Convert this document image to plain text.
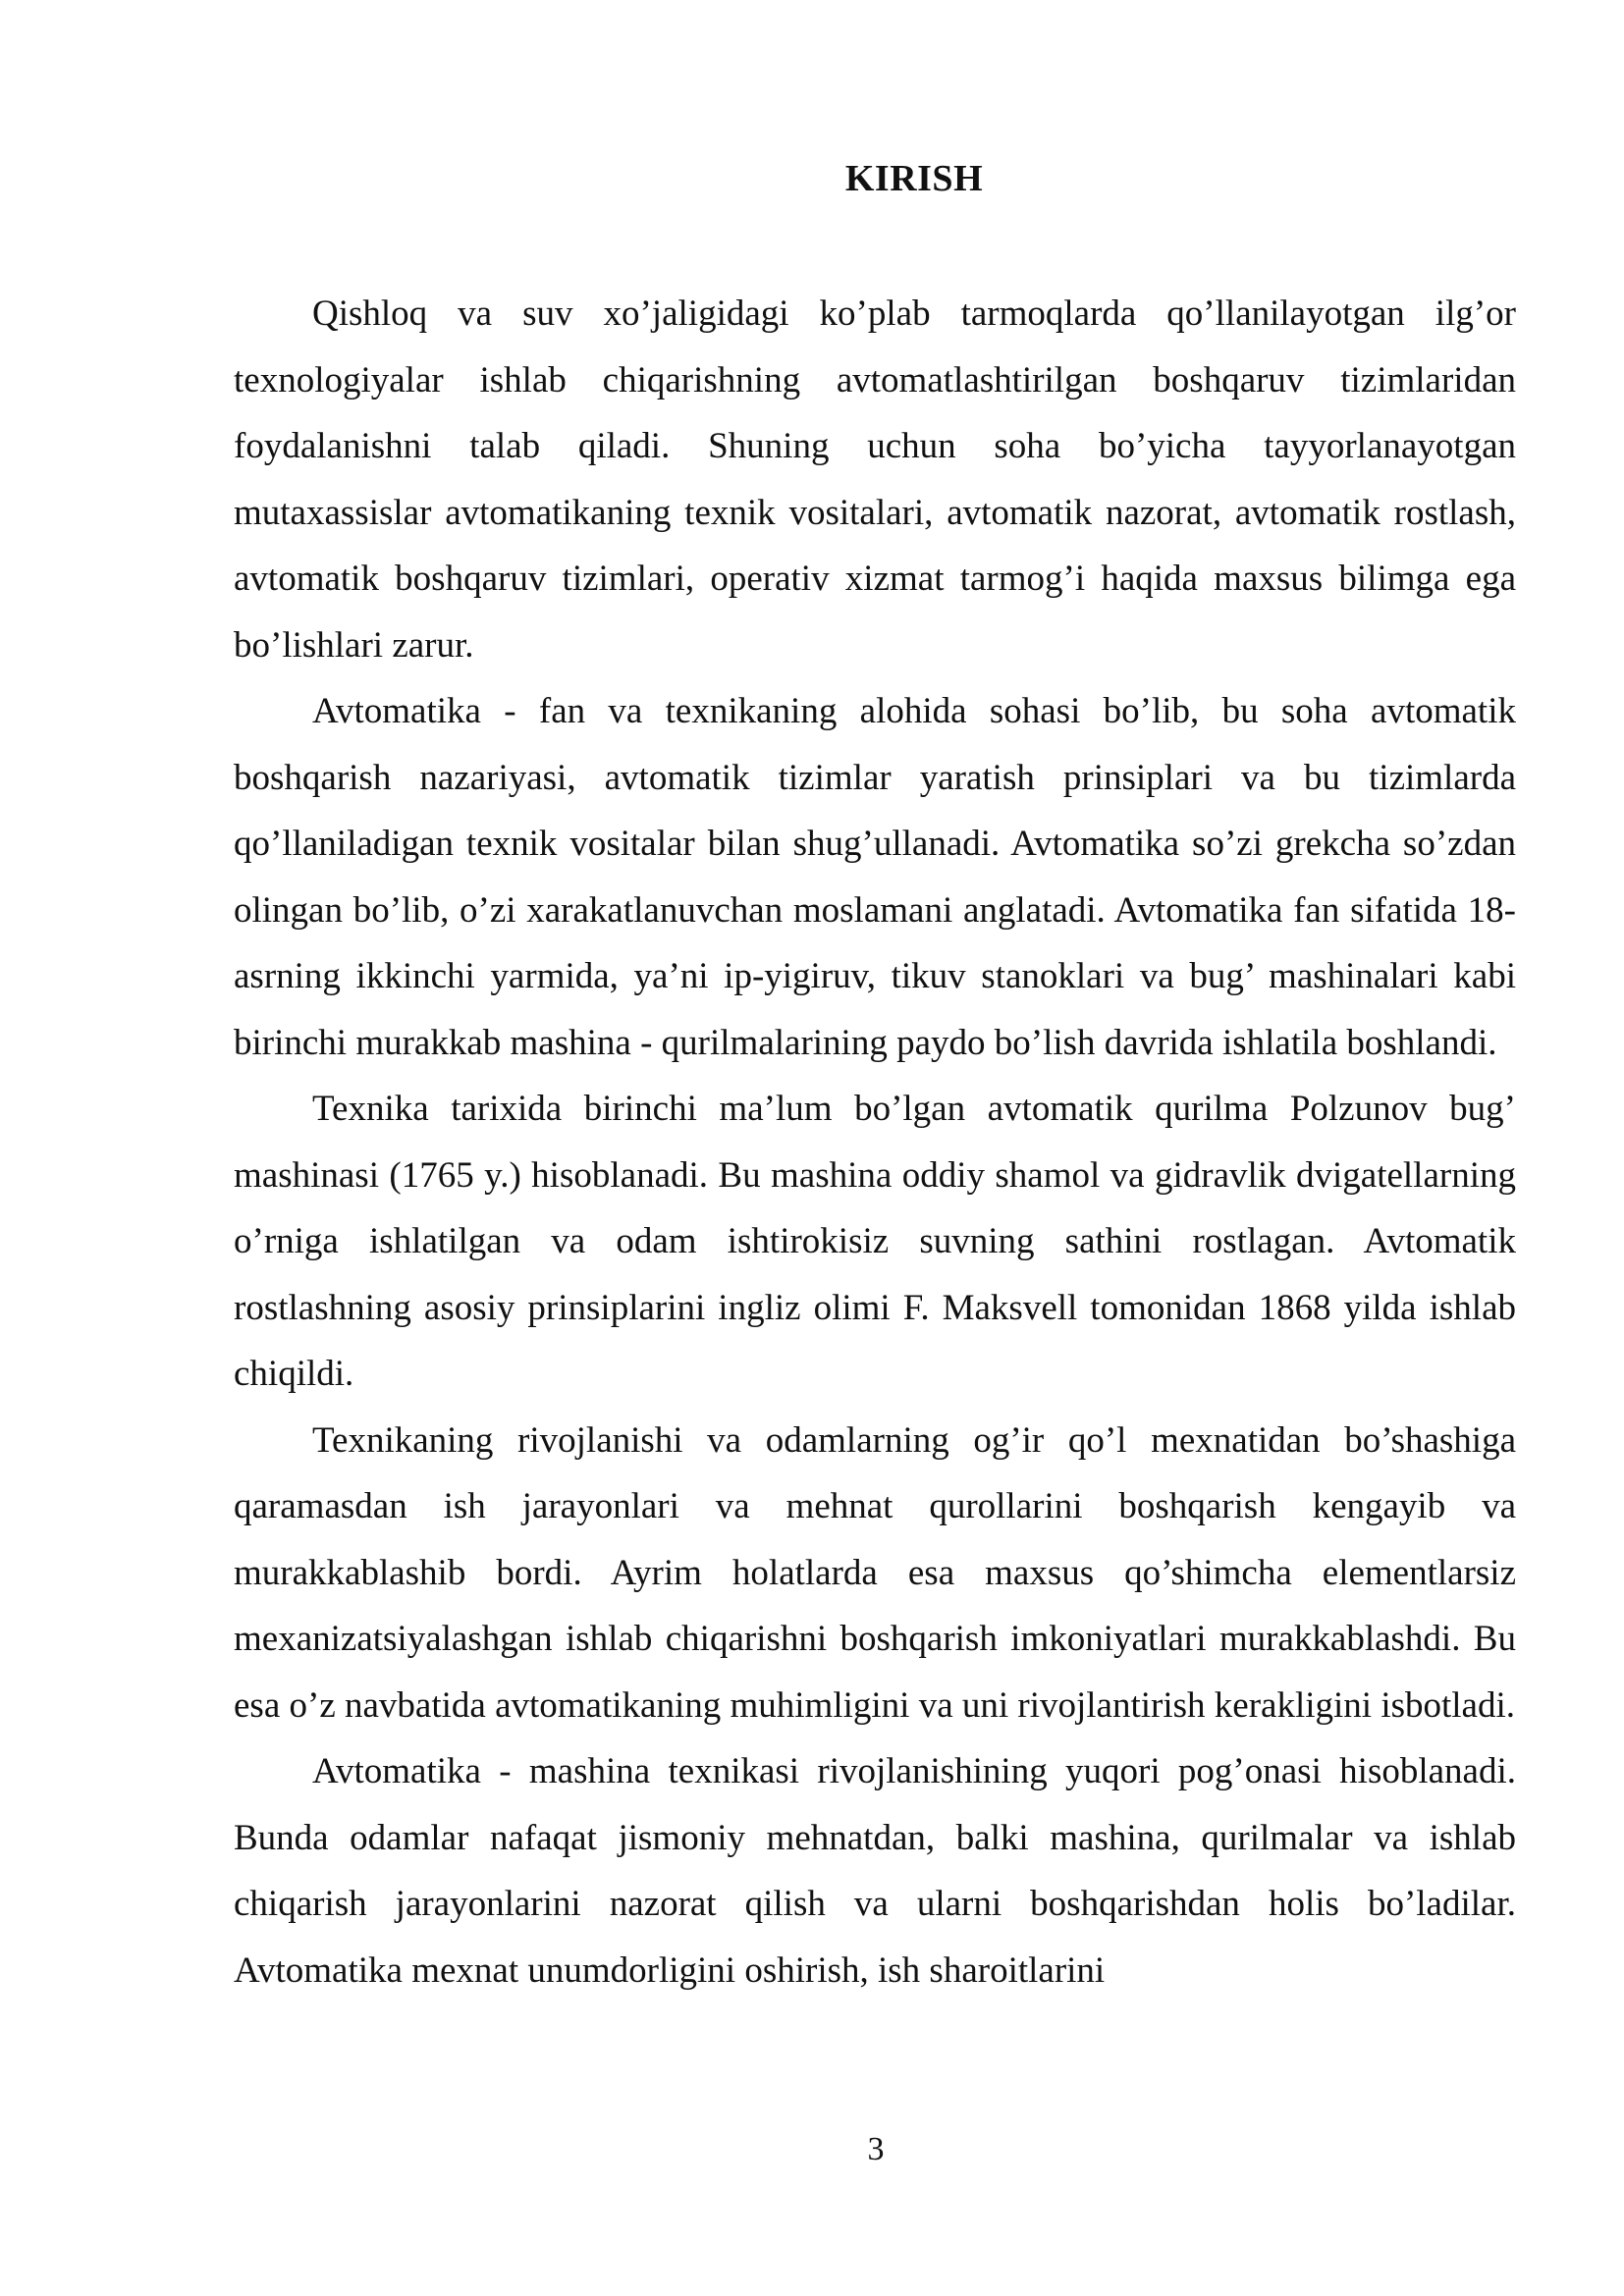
KIRISH

Qishloq va suv xo’jaligidagi ko’plab tarmoqlarda qo’llanilayotgan ilg’or texnologiyalar ishlab chiqarishning avtomatlashtirilgan boshqaruv tizimlaridan foydalanishni talab qiladi. Shuning uchun soha bo’yicha tayyorlanayotgan mutaxassislar avtomatikaning texnik vositalari, avtomatik nazorat, avtomatik rostlash, avtomatik boshqaruv tizimlari, operativ xizmat tarmog’i haqida maxsus bilimga ega bo’lishlari zarur.

Avtomatika - fan va texnikaning alohida sohasi bo’lib, bu soha avtomatik boshqarish nazariyasi, avtomatik tizimlar yaratish prinsiplari va bu tizimlarda qo’llaniladigan texnik vositalar bilan shug’ullanadi. Avtomatika so’zi grekcha so’zdan olingan bo’lib, o’zi xarakatlanuvchan moslamani anglatadi. Avtomatika fan sifatida 18-asrning ikkinchi yarmida, ya’ni ip-yigiruv, tikuv stanoklari va bug’ mashinalari kabi birinchi murakkab mashina - qurilmalarining paydo bo’lish davrida ishlatila boshlandi.

Texnika tarixida birinchi ma’lum bo’lgan avtomatik qurilma Polzunov bug’ mashinasi (1765 y.) hisoblanadi. Bu mashina oddiy shamol va gidravlik dvigatellarning o’rniga ishlatilgan va odam ishtirokisiz suvning sathini rostlagan. Avtomatik rostlashning asosiy prinsiplarini ingliz olimi F. Maksvell tomonidan 1868 yilda ishlab chiqildi.

Texnikaning rivojlanishi va odamlarning og’ir qo’l mexnatidan bo’shashiga qaramasdan ish jarayonlari va mehnat qurollarini boshqarish kengayib va murakkablashib bordi. Ayrim holatlarda esa maxsus qo’shimcha elementlarsiz mexanizatsiyalashgan ishlab chiqarishni boshqarish imkoniyatlari murakkablashdi. Bu esa o’z navbatida avtomatikaning muhimligini va uni rivojlantirish kerakligini isbotladi.

Avtomatika - mashina texnikasi rivojlanishining yuqori pog’onasi hisoblanadi. Bunda odamlar nafaqat jismoniy mehnatdan, balki mashina, qurilmalar va ishlab chiqarish jarayonlarini nazorat qilish va ularni boshqarishdan holis bo’ladilar. Avtomatika mexnat unumdorligini oshirish, ish sharoitlarini

3
